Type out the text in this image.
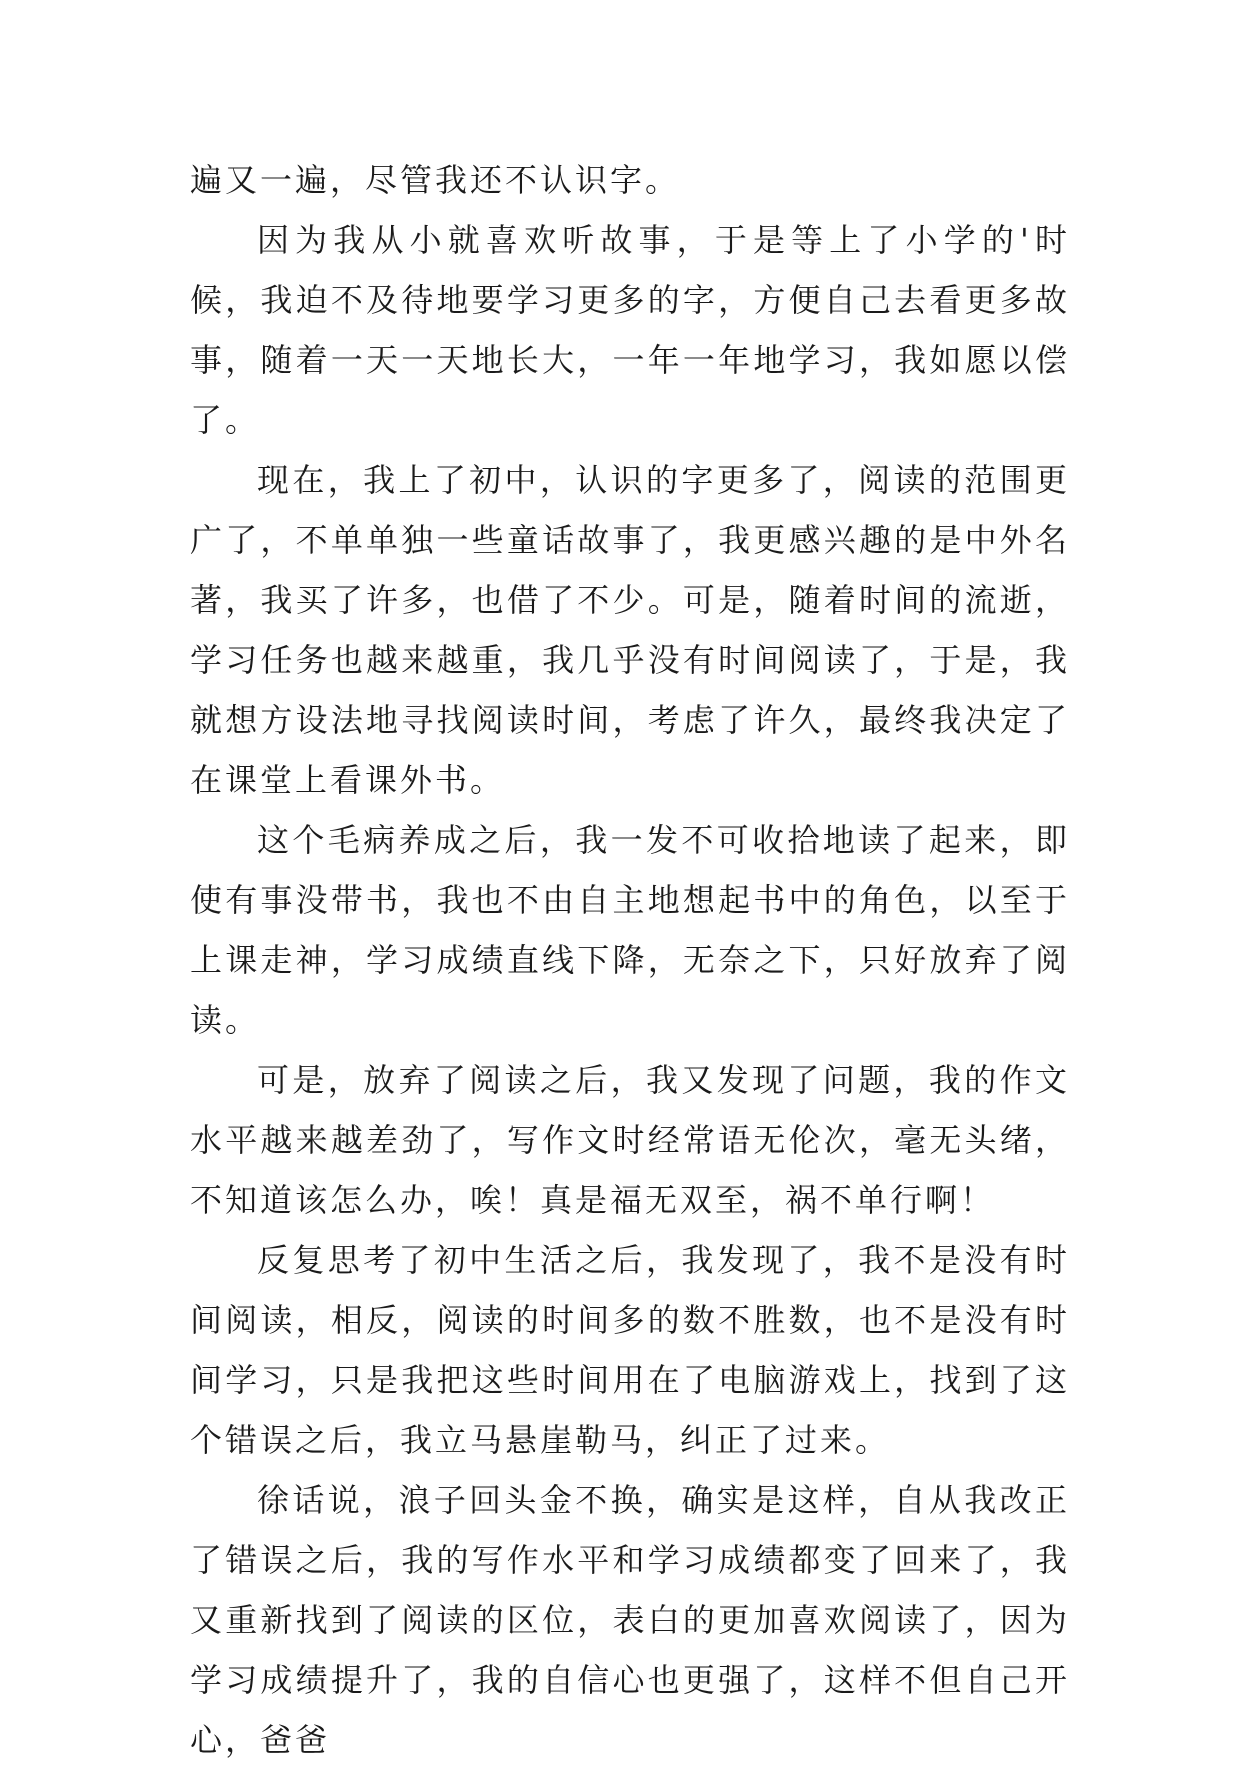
遍又一遍，尽管我还不认识字。

因为我从小就喜欢听故事，于是等上了小学的'时候，我迫不及待地要学习更多的字，方便自己去看更多故事，随着一天一天地长大，一年一年地学习，我如愿以偿了。

现在，我上了初中，认识的字更多了，阅读的范围更广了，不单单独一些童话故事了，我更感兴趣的是中外名著，我买了许多，也借了不少。可是，随着时间的流逝，学习任务也越来越重，我几乎没有时间阅读了，于是，我就想方设法地寻找阅读时间，考虑了许久，最终我决定了在课堂上看课外书。

这个毛病养成之后，我一发不可收拾地读了起来，即使有事没带书，我也不由自主地想起书中的角色，以至于上课走神，学习成绩直线下降，无奈之下，只好放弃了阅读。

可是，放弃了阅读之后，我又发现了问题，我的作文水平越来越差劲了，写作文时经常语无伦次，毫无头绪，不知道该怎么办，唉！真是福无双至，祸不单行啊！

反复思考了初中生活之后，我发现了，我不是没有时间阅读，相反，阅读的时间多的数不胜数，也不是没有时间学习，只是我把这些时间用在了电脑游戏上，找到了这个错误之后，我立马悬崖勒马，纠正了过来。

徐话说，浪子回头金不换，确实是这样，自从我改正了错误之后，我的写作水平和学习成绩都变了回来了，我又重新找到了阅读的区位，表白的更加喜欢阅读了，因为学习成绩提升了，我的自信心也更强了，这样不但自己开心，爸爸
